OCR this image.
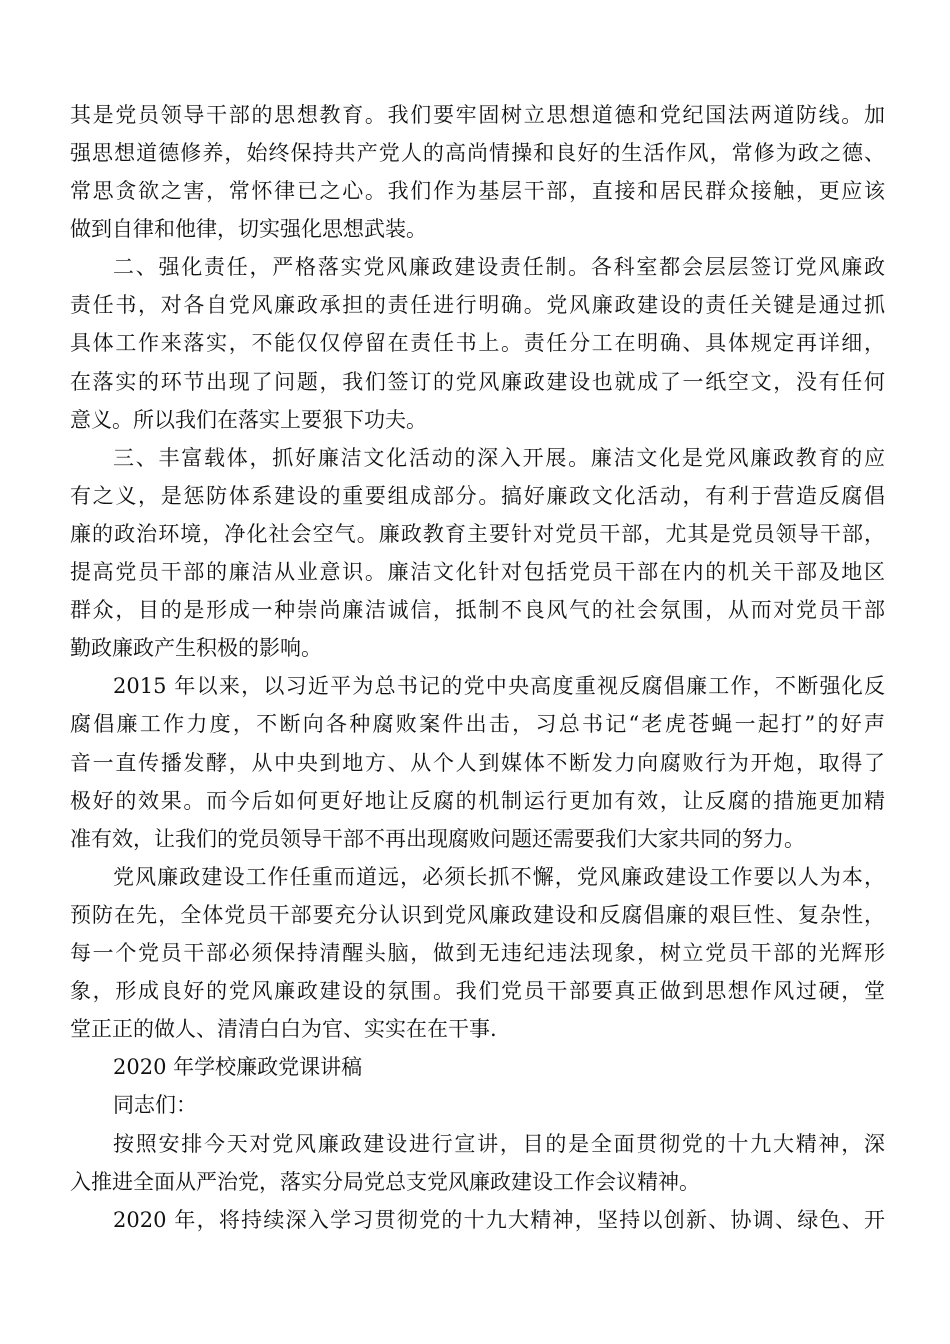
其是党员领导干部的思想教育。我们要牢固树立思想道德和党纪国法两道防线。加
强思想道德修养，始终保持共产党人的高尚情操和良好的生活作风，常修为政之德、
常思贪欲之害，常怀律已之心。我们作为基层干部，直接和居民群众接触，更应该
做到自律和他律，切实强化思想武装。
二、强化责任，严格落实党风廉政建设责任制。各科室都会层层签订党风廉政
责任书，对各自党风廉政承担的责任进行明确。党风廉政建设的责任关键是通过抓
具体工作来落实，不能仅仅停留在责任书上。责任分工在明确、具体规定再详细，
在落实的环节出现了问题，我们签订的党风廉政建设也就成了一纸空文，没有任何
意义。所以我们在落实上要狠下功夫。
三、丰富载体，抓好廉洁文化活动的深入开展。廉洁文化是党风廉政教育的应
有之义，是惩防体系建设的重要组成部分。搞好廉政文化活动，有利于营造反腐倡
廉的政治环境，净化社会空气。廉政教育主要针对党员干部，尤其是党员领导干部，
提高党员干部的廉洁从业意识。廉洁文化针对包括党员干部在内的机关干部及地区
群众，目的是形成一种崇尚廉洁诚信，抵制不良风气的社会氛围，从而对党员干部
勤政廉政产生积极的影响。
2015 年以来，以习近平为总书记的党中央高度重视反腐倡廉工作，不断强化反
腐倡廉工作力度，不断向各种腐败案件出击，习总书记“老虎苍蝇一起打”的好声
音一直传播发酵，从中央到地方、从个人到媒体不断发力向腐败行为开炮，取得了
极好的效果。而今后如何更好地让反腐的机制运行更加有效，让反腐的措施更加精
准有效，让我们的党员领导干部不再出现腐败问题还需要我们大家共同的努力。
党风廉政建设工作任重而道远，必须长抓不懈，党风廉政建设工作要以人为本，
预防在先，全体党员干部要充分认识到党风廉政建设和反腐倡廉的艰巨性、复杂性，
每一个党员干部必须保持清醒头脑，做到无违纪违法现象，树立党员干部的光辉形
象，形成良好的党风廉政建设的氛围。我们党员干部要真正做到思想作风过硬，堂
堂正正的做人、清清白白为官、实实在在干事.
2020 年学校廉政党课讲稿
同志们：
按照安排今天对党风廉政建设进行宣讲，目的是全面贯彻党的十九大精神，深
入推进全面从严治党，落实分局党总支党风廉政建设工作会议精神。
2020 年，将持续深入学习贯彻党的十九大精神，坚持以创新、协调、绿色、开
